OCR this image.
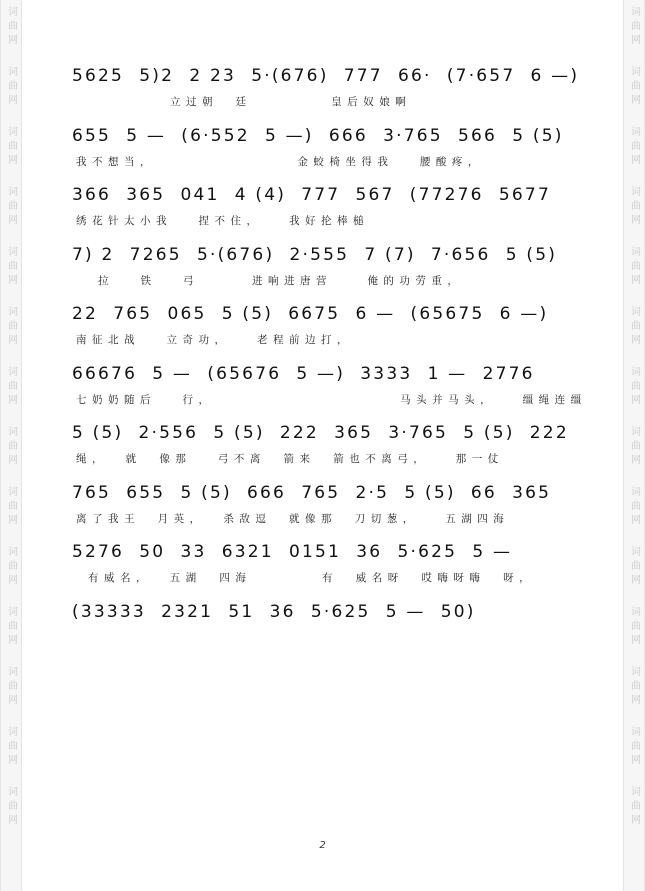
词曲网
词曲网
词曲网
词曲网
词曲网
词曲网
词曲网
词曲网
词曲网
词曲网
词曲网
词曲网
词曲网
词曲网
词曲网
词曲网
词曲网
词曲网
词曲网
词曲网
词曲网
词曲网
词曲网
词曲网
词曲网
词曲网
词曲网
词曲网
5625  5)2  2 23  5·(676)  777  66·  (7·657  6 —)
立过朝  廷         皇后奴娘啊
655  5 —  (6·552  5 —)  666  3·765  566  5 (5)
我不想当，                金蛟椅坐得我   腰酸疼，
366  365  041  4 (4)  777  567  (77276  5677
绣花针太小我   捏不住，   我好抡棒槌
7) 2  7265  5·(676)  2·555  7 (7)  7·656  5 (5)
拉   铁   弓      进响进唐营    俺的功劳重，
22  765  065  5 (5)  6675  6 —  (65675  6 —)
南征北战   立奇功，   老程前边打，
66676  5 —  (65676  5 —)  3333  1 —  2776
七奶奶随后   行，                     马头并马头，   缰绳连缰
5 (5)  2·556  5 (5)  222  365  3·765  5 (5)  222
绳，  就  像那   弓不离  箭来  箭也不离弓，   那一仗
765  655  5 (5)  666  765  2·5  5 (5)  66  365
离了我王  月英，  杀敌逗  就像那  刀切葱，   五湖四海
5276  50  33  6321  0151  36  5·625  5 —
有威名，  五湖  四海        有  威名呀  哎嗨呀嗨  呀，
(33333  2321  51  36  5·625  5 —  50)
2
